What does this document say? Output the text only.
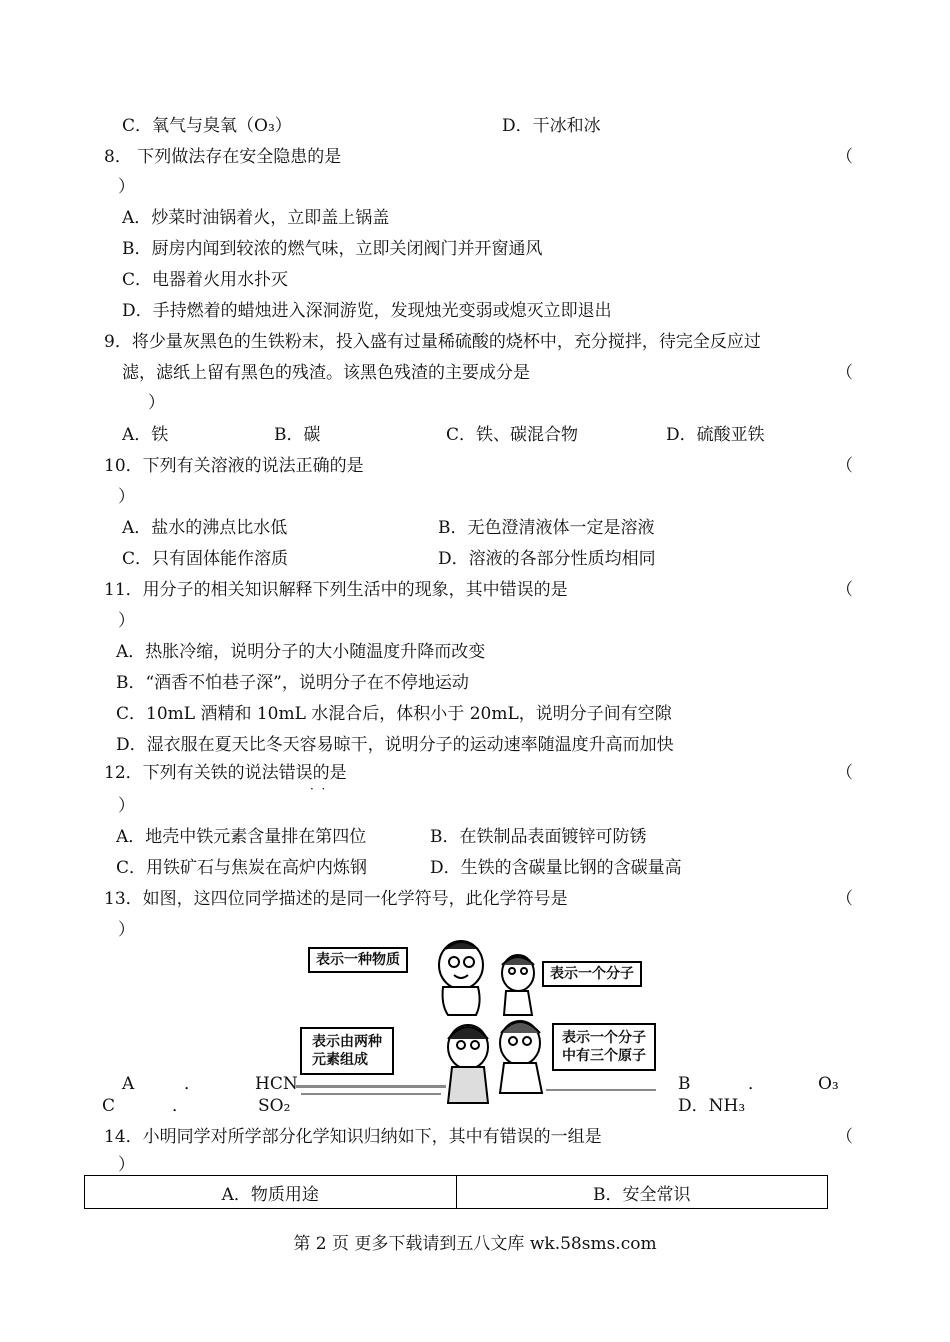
C．氧气与臭氧（O₃）	D．干冰和冰
8． 下列做法存在安全隐患的是	（
）
A．炒菜时油锅着火，立即盖上锅盖
B．厨房内闻到较浓的燃气味，立即关闭阀门并开窗通风
C．电器着火用水扑灭
D．手持燃着的蜡烛进入深洞游览，发现烛光变弱或熄灭立即退出
9．将少量灰黑色的生铁粉末，投入盛有过量稀硫酸的烧杯中，充分搅拌，待完全反应过
滤，滤纸上留有黑色的残渣。该黑色残渣的主要成分是	（
）
A．铁	B．碳	C．铁、碳混合物	D．硫酸亚铁
10．下列有关溶液的说法正确的是	（
）
A．盐水的沸点比水低	B．无色澄清液体一定是溶液
C．只有固体能作溶质	D．溶液的各部分性质均相同
11．用分子的相关知识解释下列生活中的现象，其中错误的是	（
）
A．热胀冷缩，说明分子的大小随温度升降而改变
B．“酒香不怕巷子深”，说明分子在不停地运动
C．10mL 酒精和 10mL 水混合后，体积小于 20mL，说明分子间有空隙
D．湿衣服在夏天比冬天容易晾干，说明分子的运动速率随温度升高而加快
12．下列有关铁的说法错误的是
·  ·
（
）
A．地壳中铁元素含量排在第四位	B．在铁制品表面镀锌可防锈
C．用铁矿石与焦炭在高炉内炼钢	D．生铁的含碳量比钢的含碳量高
13．如图，这四位同学描述的是同一化学符号，此化学符号是	（
）
表示一种物质
表示一个分子
表示由两种
元素组成
表示一个分子
中有三个原子
A	．	HCN	B	．	O₃
C	．	SO₂	D．NH₃
14．小明同学对所学部分化学知识归纳如下，其中有错误的一组是	（
）
A．物质用途	B．安全常识
第 2 页 更多下载请到五八文库 wk.58sms.com
